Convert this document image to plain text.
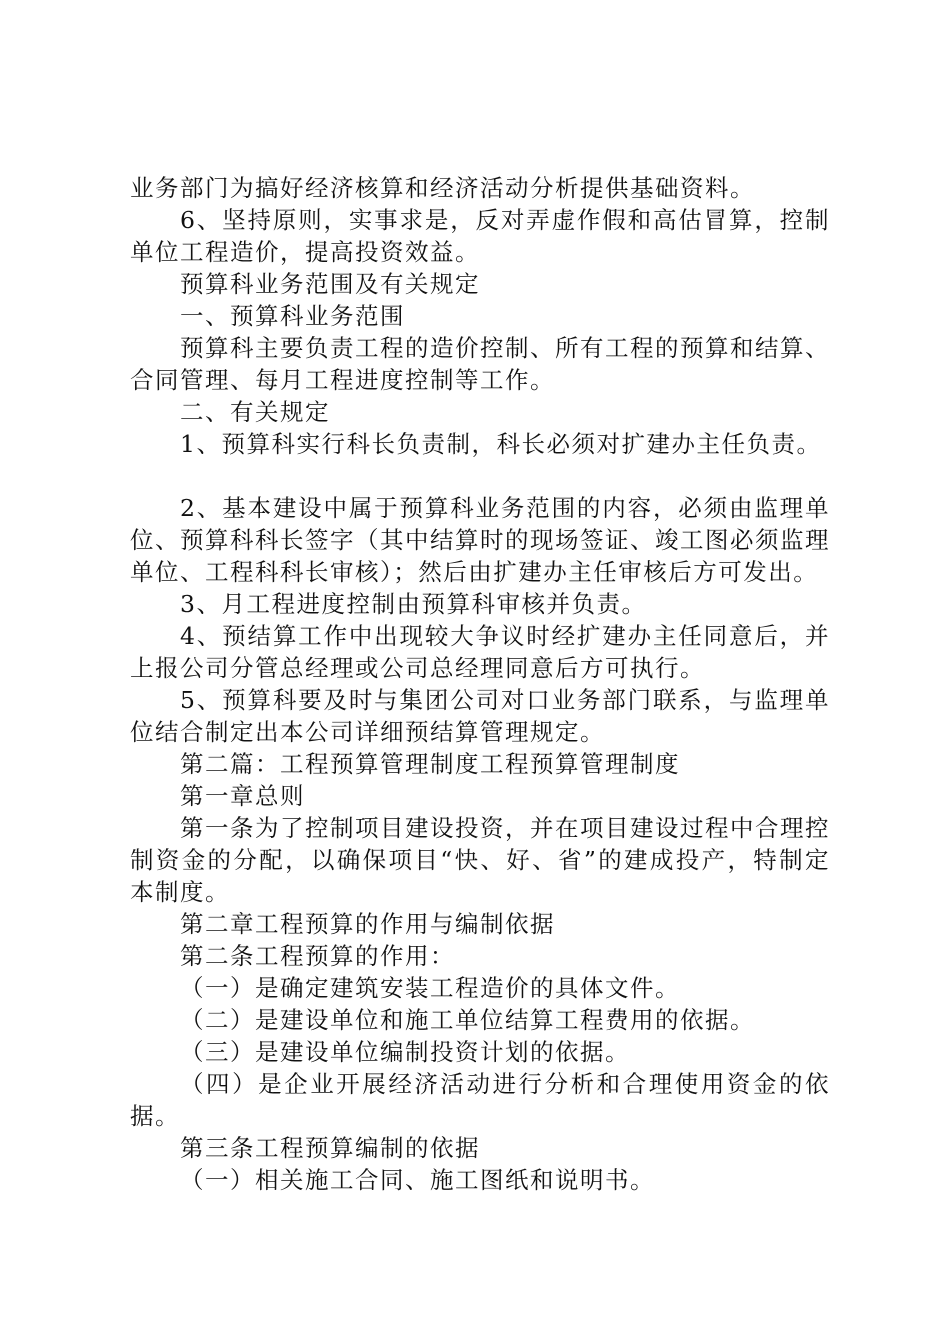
业务部门为搞好经济核算和经济活动分析提供基础资料。

6、坚持原则，实事求是，反对弄虚作假和高估冒算，控制单位工程造价，提高投资效益。

预算科业务范围及有关规定

一、预算科业务范围

预算科主要负责工程的造价控制、所有工程的预算和结算、合同管理、每月工程进度控制等工作。

二、有关规定

1、预算科实行科长负责制，科长必须对扩建办主任负责。

2、基本建设中属于预算科业务范围的内容，必须由监理单位、预算科科长签字（其中结算时的现场签证、竣工图必须监理单位、工程科科长审核）；然后由扩建办主任审核后方可发出。

3、月工程进度控制由预算科审核并负责。

4、预结算工作中出现较大争议时经扩建办主任同意后，并上报公司分管总经理或公司总经理同意后方可执行。

5、预算科要及时与集团公司对口业务部门联系，与监理单位结合制定出本公司详细预结算管理规定。

第二篇：工程预算管理制度工程预算管理制度

第一章总则

第一条为了控制项目建设投资，并在项目建设过程中合理控制资金的分配，以确保项目“快、好、省”的建成投产，特制定本制度。

第二章工程预算的作用与编制依据

第二条工程预算的作用：

（一）是确定建筑安装工程造价的具体文件。

（二）是建设单位和施工单位结算工程费用的依据。

（三）是建设单位编制投资计划的依据。

（四）是企业开展经济活动进行分析和合理使用资金的依据。

第三条工程预算编制的依据

（一）相关施工合同、施工图纸和说明书。
